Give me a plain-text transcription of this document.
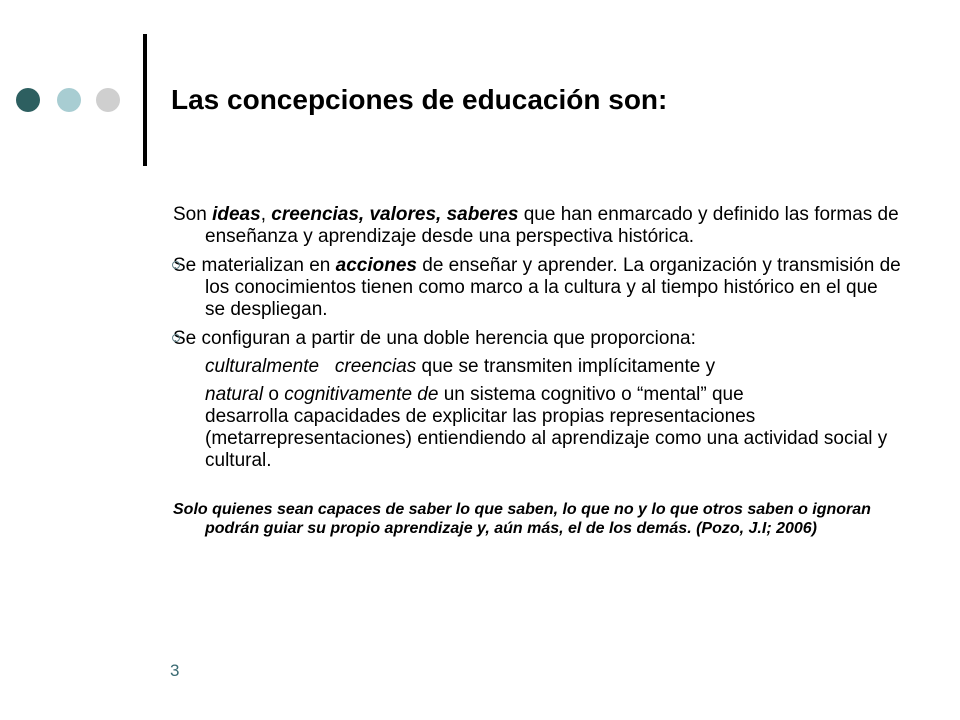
Las concepciones de educación son:

Son ideas, creencias, valores, saberes que han enmarcado y definido las formas de enseñanza y aprendizaje desde una perspectiva histórica.

Se materializan en acciones de enseñar y aprender. La organización y transmisión de los conocimientos tienen como marco a la cultura y al tiempo histórico en el que se despliegan.

Se configuran a partir de una doble herencia que proporciona:

culturalmente creencias que se transmiten implícitamente y

natural o cognitivamente de un sistema cognitivo o “mental” que
desarrolla capacidades de explicitar las propias representaciones (metarrepresentaciones) entiendiendo al aprendizaje como una actividad social y cultural.

Solo quienes sean capaces de saber lo que saben, lo que no y lo que otros saben o ignoran podrán guiar su propio aprendizaje y, aún más, el de los demás. (Pozo, J.I; 2006)

3
